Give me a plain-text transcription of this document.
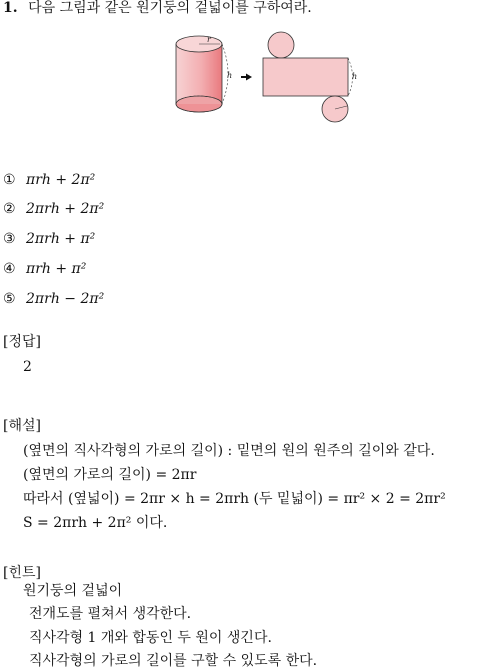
1. 다음 그림과 같은 원기둥의 겉넓이를 구하여라.
r
h	h
① πrh + 2π²
② 2πrh + 2π²
③ 2πrh + π²
④ πrh + π²
⑤ 2πrh − 2π²
[정답]
2
[해설]
(옆면의 직사각형의 가로의 길이) : 밑면의 원의 원주의 길이와 같다.
(옆면의 가로의 길이) = 2πr
따라서 (옆넓이) = 2πr × h = 2πrh (두 밑넓이) = πr² × 2 = 2πr²
S = 2πrh + 2π² 이다.
[힌트]
원기둥의 겉넓이
전개도를 펼쳐서 생각한다.
직사각형 1 개와 합동인 두 원이 생긴다.
직사각형의 가로의 길이를 구할 수 있도록 한다.
